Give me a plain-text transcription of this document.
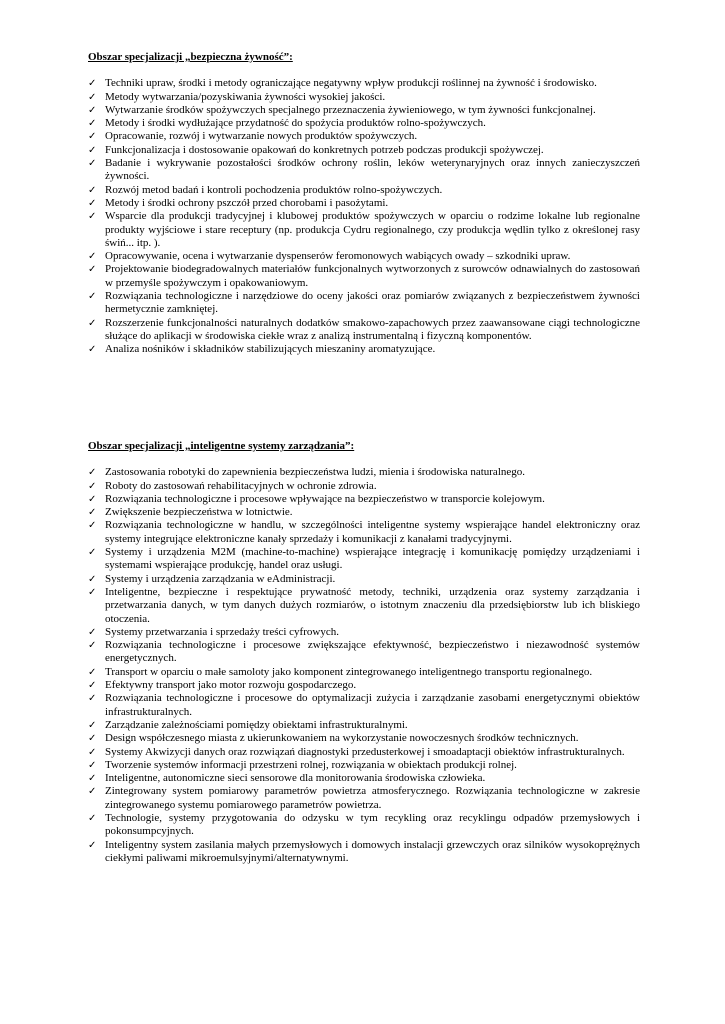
Obszar specjalizacji „bezpieczna żywność”:
✓ Techniki upraw, środki i metody ograniczające negatywny wpływ produkcji roślinnej na żywność i środowisko.
✓ Metody wytwarzania/pozyskiwania żywności wysokiej jakości.
✓ Wytwarzanie środków spożywczych specjalnego przeznaczenia żywieniowego, w tym żywności funkcjonalnej.
✓ Metody i środki wydłużające przydatność do spożycia produktów rolno-spożywczych.
✓ Opracowanie, rozwój i wytwarzanie nowych produktów spożywczych.
✓ Funkcjonalizacja i dostosowanie opakowań do konkretnych potrzeb podczas produkcji spożywczej.
✓ Badanie i wykrywanie pozostałości środków ochrony roślin, leków weterynaryjnych oraz innych zanieczyszczeń żywności.
✓ Rozwój metod badań i kontroli pochodzenia produktów rolno-spożywczych.
✓ Metody i środki ochrony pszczół przed chorobami i pasożytami.
✓ Wsparcie dla produkcji tradycyjnej i klubowej produktów spożywczych w oparciu o rodzime lokalne lub regionalne produkty wyjściowe i stare receptury (np. produkcja Cydru regionalnego, czy produkcja wędlin tylko z określonej rasy świń... itp. ).
✓ Opracowywanie, ocena i wytwarzanie dyspenserów feromonowych wabiących owady – szkodniki upraw.
✓ Projektowanie biodegradowalnych materiałów funkcjonalnych wytworzonych z surowców odnawialnych do zastosowań w przemyśle spożywczym i opakowaniowym.
✓ Rozwiązania technologiczne i narzędziowe do oceny jakości oraz pomiarów związanych z bezpieczeństwem żywności hermetycznie zamkniętej.
✓ Rozszerzenie funkcjonalności naturalnych dodatków smakowo-zapachowych przez zaawansowane ciągi technologiczne służące do aplikacji w środowiska ciekłe wraz z analizą instrumentalną i fizyczną komponentów.
✓ Analiza nośników i składników stabilizujących mieszaniny aromatyzujące.
Obszar specjalizacji „inteligentne systemy zarządzania”:
✓ Zastosowania robotyki do zapewnienia bezpieczeństwa ludzi, mienia i środowiska naturalnego.
✓ Roboty do zastosowań rehabilitacyjnych w ochronie zdrowia.
✓ Rozwiązania technologiczne i procesowe wpływające na bezpieczeństwo w transporcie kolejowym.
✓ Zwiększenie bezpieczeństwa w lotnictwie.
✓ Rozwiązania technologiczne w handlu, w szczególności inteligentne systemy wspierające handel elektroniczny oraz systemy integrujące elektroniczne kanały sprzedaży i komunikacji z kanałami tradycyjnymi.
✓ Systemy i urządzenia M2M (machine-to-machine) wspierające integrację i komunikację pomiędzy urządzeniami i systemami wspierające produkcję, handel oraz usługi.
✓ Systemy i urządzenia zarządzania w eAdministracji.
✓ Inteligentne, bezpieczne i respektujące prywatność metody, techniki, urządzenia oraz systemy zarządzania i przetwarzania danych, w tym danych dużych rozmiarów, o istotnym znaczeniu dla przedsiębiorstw lub ich bliskiego otoczenia.
✓ Systemy przetwarzania i sprzedaży treści cyfrowych.
✓ Rozwiązania technologiczne i procesowe zwiększające efektywność, bezpieczeństwo i niezawodność systemów energetycznych.
✓ Transport w oparciu o małe samoloty jako komponent zintegrowanego inteligentnego transportu regionalnego.
✓ Efektywny transport jako motor rozwoju gospodarczego.
✓ Rozwiązania technologiczne i procesowe do optymalizacji zużycia i zarządzanie zasobami energetycznymi obiektów infrastrukturalnych.
✓ Zarządzanie zależnościami pomiędzy obiektami infrastrukturalnymi.
✓ Design współczesnego miasta z ukierunkowaniem na wykorzystanie nowoczesnych środków technicznych.
✓ Systemy Akwizycji danych oraz rozwiązań diagnostyki przedusterkowej i smoadaptacji obiektów infrastrukturalnych.
✓ Tworzenie systemów informacji przestrzeni rolnej, rozwiązania w obiektach produkcji rolnej.
✓ Inteligentne, autonomiczne sieci sensorowe dla monitorowania środowiska człowieka.
✓ Zintegrowany system pomiarowy parametrów powietrza atmosferycznego. Rozwiązania technologiczne w zakresie zintegrowanego systemu pomiarowego parametrów powietrza.
✓ Technologie, systemy przygotowania do odzysku w tym recykling oraz recyklingu odpadów przemysłowych i pokonsumpcyjnych.
✓ Inteligentny system zasilania małych przemysłowych i domowych instalacji grzewczych oraz silników wysokoprężnych ciekłymi paliwami mikroemulsyjnymi/alternatywnymi.
